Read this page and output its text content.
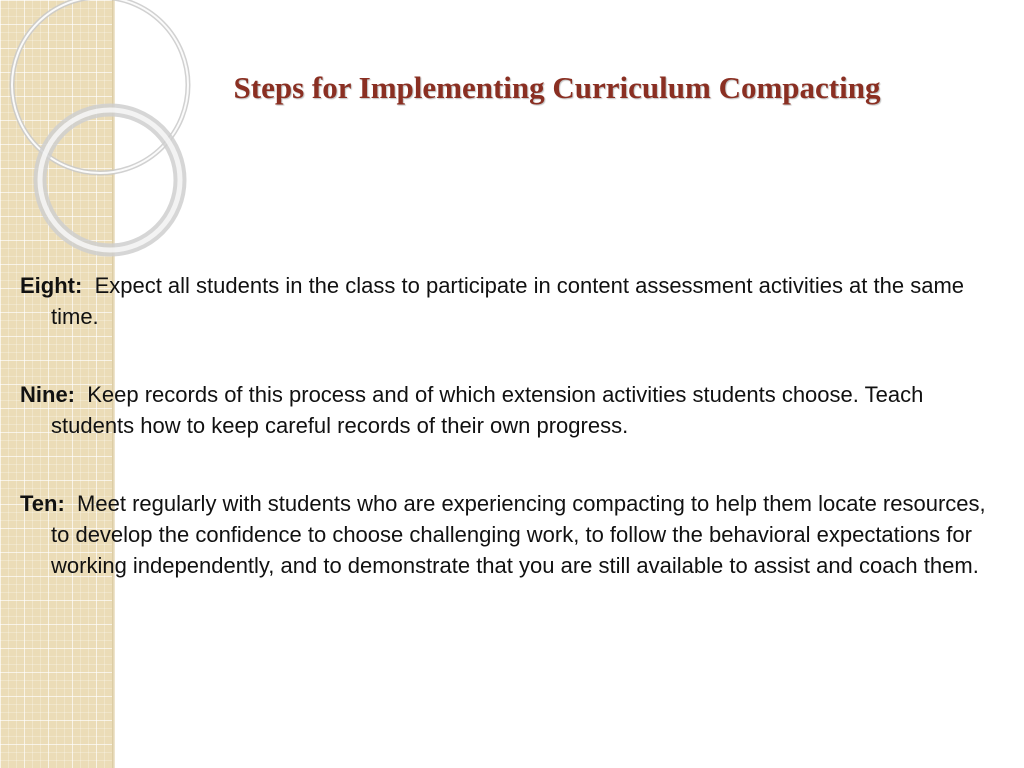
Steps for Implementing Curriculum Compacting

Eight: Expect all students in the class to participate in content assessment activities at the same time.

Nine: Keep records of this process and of which extension activities students choose. Teach students how to keep careful records of their own progress.

Ten: Meet regularly with students who are experiencing compacting to help them locate resources, to develop the confidence to choose challenging work, to follow the behavioral expectations for working independently, and to demonstrate that you are still available to assist and coach them.
